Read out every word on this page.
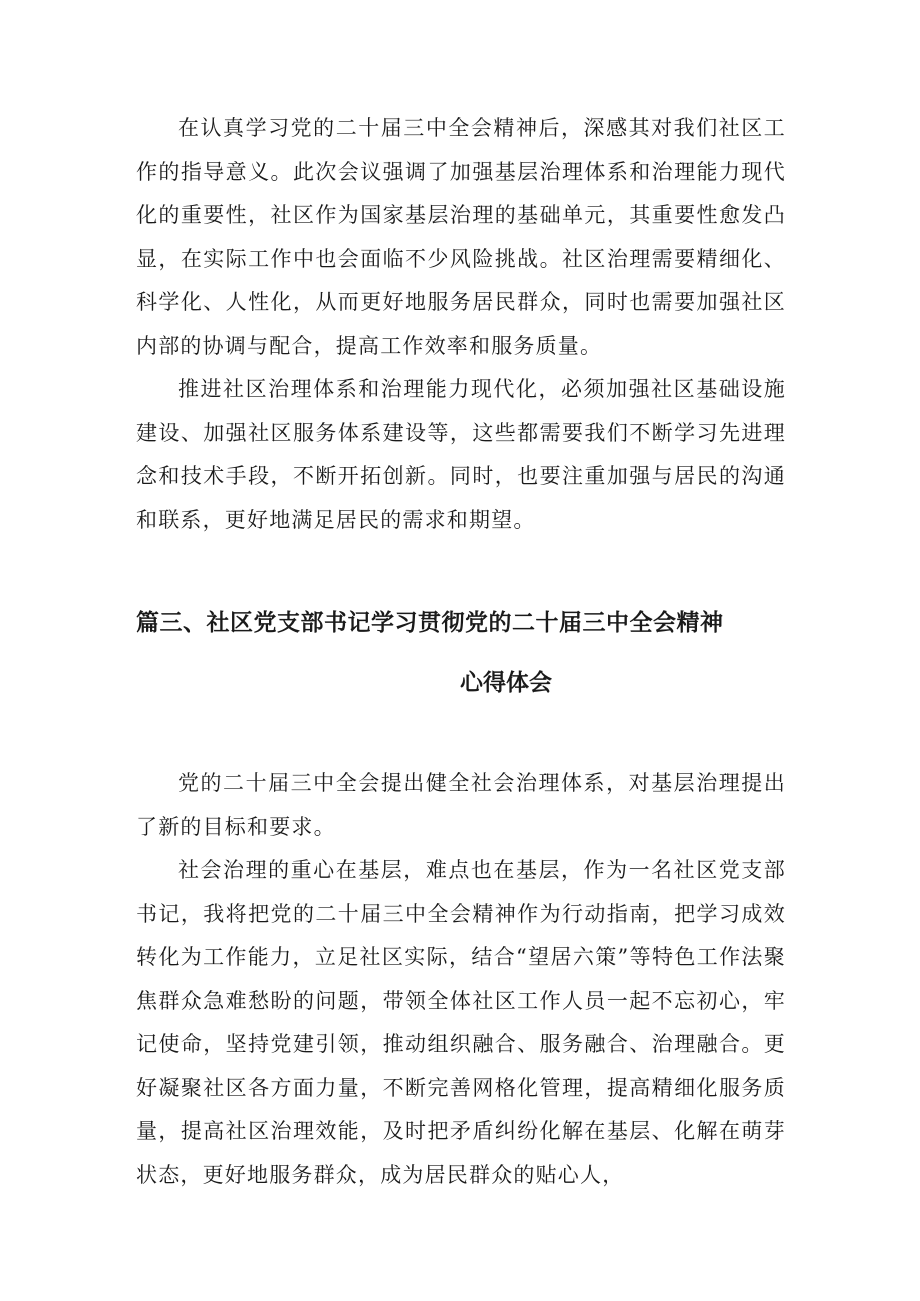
在认真学习党的二十届三中全会精神后，深感其对我们社区工作的指导意义。此次会议强调了加强基层治理体系和治理能力现代化的重要性，社区作为国家基层治理的基础单元，其重要性愈发凸显，在实际工作中也会面临不少风险挑战。社区治理需要精细化、科学化、人性化，从而更好地服务居民群众，同时也需要加强社区内部的协调与配合，提高工作效率和服务质量。

推进社区治理体系和治理能力现代化，必须加强社区基础设施建设、加强社区服务体系建设等，这些都需要我们不断学习先进理念和技术手段，不断开拓创新。同时，也要注重加强与居民的沟通和联系，更好地满足居民的需求和期望。

篇三、社区党支部书记学习贯彻党的二十届三中全会精神
心得体会

党的二十届三中全会提出健全社会治理体系，对基层治理提出了新的目标和要求。

社会治理的重心在基层，难点也在基层，作为一名社区党支部书记，我将把党的二十届三中全会精神作为行动指南，把学习成效转化为工作能力，立足社区实际，结合“望居六策”等特色工作法聚焦群众急难愁盼的问题，带领全体社区工作人员一起不忘初心，牢记使命，坚持党建引领，推动组织融合、服务融合、治理融合。更好凝聚社区各方面力量，不断完善网格化管理，提高精细化服务质量，提高社区治理效能，及时把矛盾纠纷化解在基层、化解在萌芽状态，更好地服务群众，成为居民群众的贴心人，
